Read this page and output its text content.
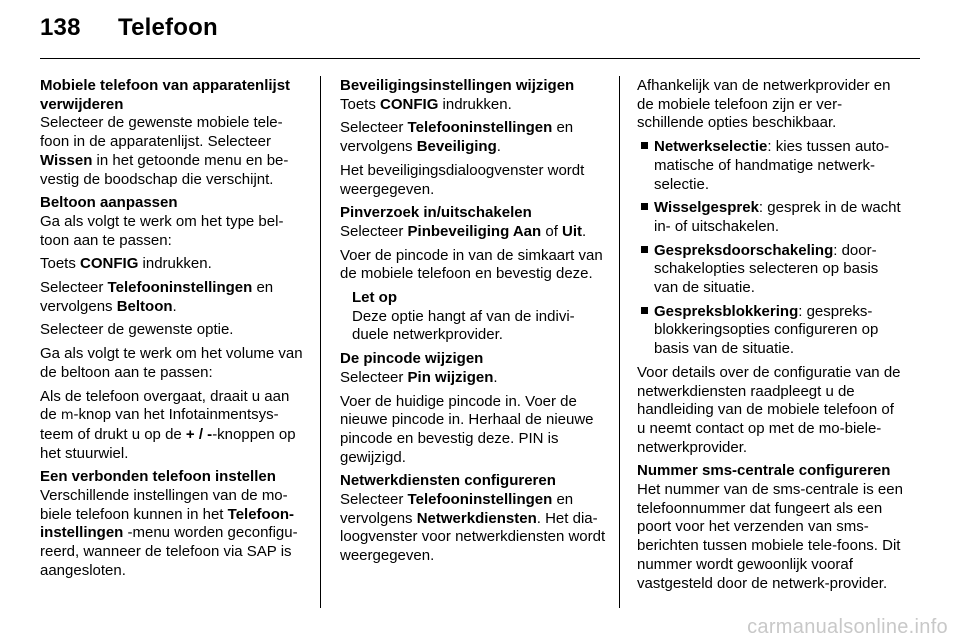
138 Telefoon

Mobiele telefoon van apparatenlijst verwijderen

Selecteer de gewenste mobiele tele-foon in de apparatenlijst. Selecteer Wissen in het getoonde menu en be-vestig de boodschap die verschijnt.

Beltoon aanpassen

Ga als volgt te werk om het type bel-toon aan te passen:

Toets CONFIG indrukken.

Selecteer Telefooninstellingen en vervolgens Beltoon.

Selecteer de gewenste optie.

Ga als volgt te werk om het volume van de beltoon aan te passen:

Als de telefoon overgaat, draait u aan de m-knop van het Infotainmentsys-teem of drukt u op de + / --knoppen op het stuurwiel.

Een verbonden telefoon instellen

Verschillende instellingen van de mo-biele telefoon kunnen in het Telefoon-instellingen -menu worden geconfigu-reerd, wanneer de telefoon via SAP is aangesloten.

Beveiligingsinstellingen wijzigen

Toets CONFIG indrukken.

Selecteer Telefooninstellingen en vervolgens Beveiliging.

Het beveiligingsdialoogvenster wordt weergegeven.

Pinverzoek in/uitschakelen

Selecteer Pinbeveiliging Aan of Uit.

Voer de pincode in van de simkaart van de mobiele telefoon en bevestig deze.

Let op
Deze optie hangt af van de indivi-duele netwerkprovider.

De pincode wijzigen

Selecteer Pin wijzigen.

Voer de huidige pincode in. Voer de nieuwe pincode in. Herhaal de nieuwe pincode en bevestig deze. PIN is gewijzigd.

Netwerkdiensten configureren

Selecteer Telefooninstellingen en vervolgens Netwerkdiensten. Het dia-loogvenster voor netwerkdiensten wordt weergegeven.

Afhankelijk van de netwerkprovider en de mobiele telefoon zijn er ver-schillende opties beschikbaar.

Netwerkselectie: kies tussen auto-matische of handmatige netwerk-selectie.

Wisselgesprek: gesprek in de wacht in- of uitschakelen.

Gespreksdoorschakeling: door-schakelopties selecteren op basis van de situatie.

Gespreksblokkering: gespreks-blokkeringsopties configureren op basis van de situatie.

Voor details over de configuratie van de netwerkdiensten raadpleegt u de handleiding van de mobiele telefoon of u neemt contact op met de mo-biele-netwerkprovider.

Nummer sms-centrale configureren

Het nummer van de sms-centrale is een telefoonnummer dat fungeert als een poort voor het verzenden van sms-berichten tussen mobiele tele-foons. Dit nummer wordt gewoonlijk vooraf vastgesteld door de netwerk-provider.

carmanualsonline.info
